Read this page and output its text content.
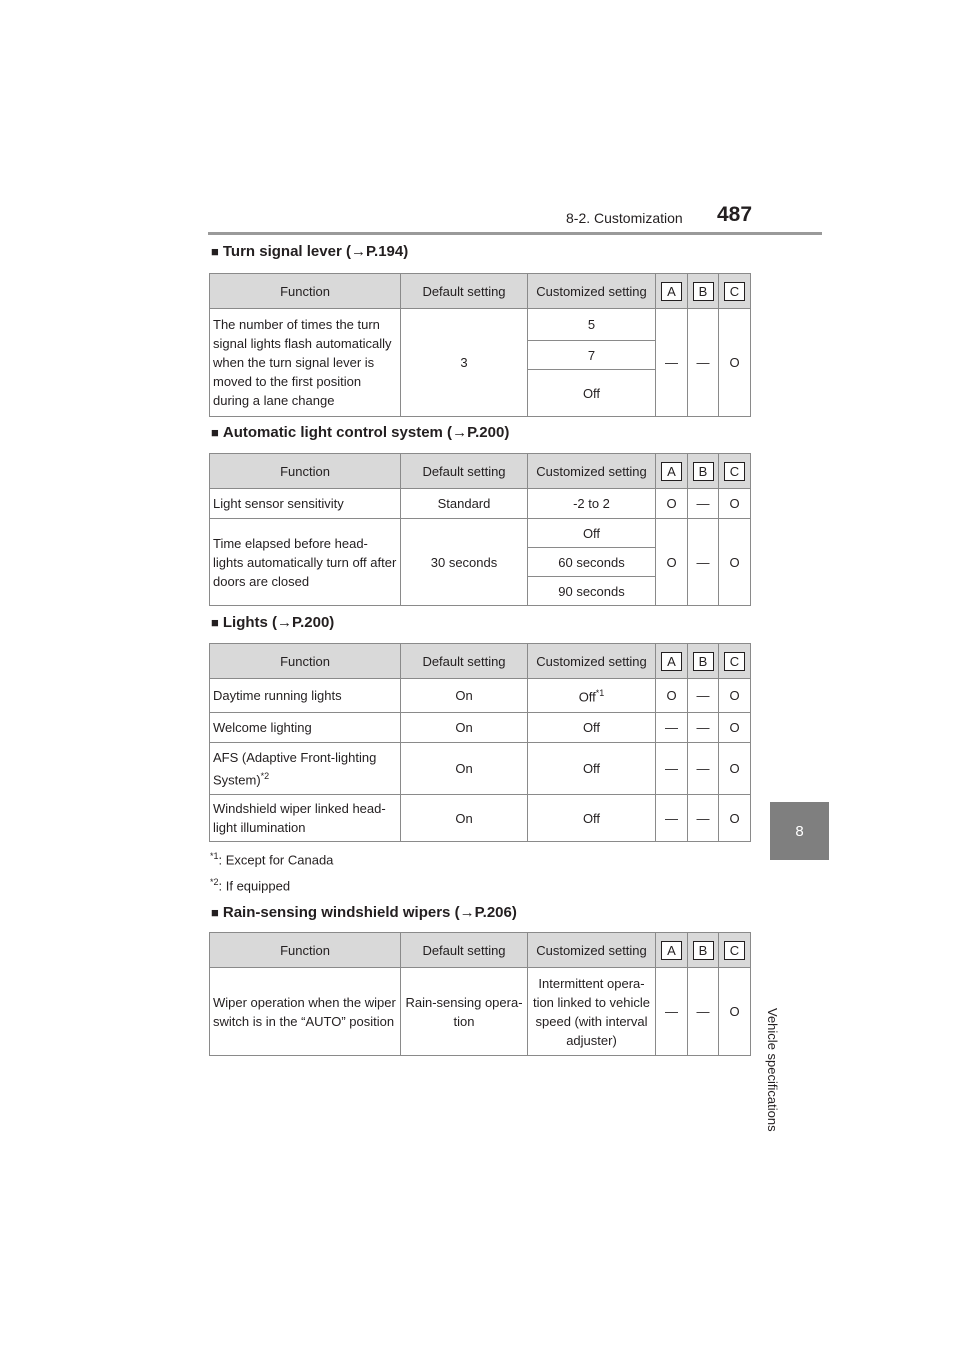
8-2. Customization 487
8
Vehicle specifications
■ Turn signal lever (→P.194)
Function	Default setting	Customized setting	A	B	C
The number of times the turn signal lights flash automatically when the turn signal lever is moved to the first position during a lane change	3	5	—	—	O
		7			
		Off			
■ Automatic light control system (→P.200)
Function	Default setting	Customized setting	A	B	C
Light sensor sensitivity	Standard	-2 to 2	O	—	O
Time elapsed before head-lights automatically turn off after doors are closed	30 seconds	Off	O	—	O
		60 seconds			
		90 seconds			
■ Lights (→P.200)
Function	Default setting	Customized setting	A	B	C
Daytime running lights	On	Off$^{*1}$	O	—	O
Welcome lighting	On	Off	—	—	O
AFS (Adaptive Front-lighting System)$^{*2}$	On	Off	—	—	O
Windshield wiper linked head-light illumination	On	Off	—	—	O
$^{*1}$: Except for Canada
$^{*2}$: If equipped
■ Rain-sensing windshield wipers (→P.206)
Function	Default setting	Customized setting	A	B	C
Wiper operation when the wiper switch is in the “AUTO” position	Rain-sensing opera-tion	Intermittent opera-tion linked to vehicle speed (with interval adjuster)	—	—	O
